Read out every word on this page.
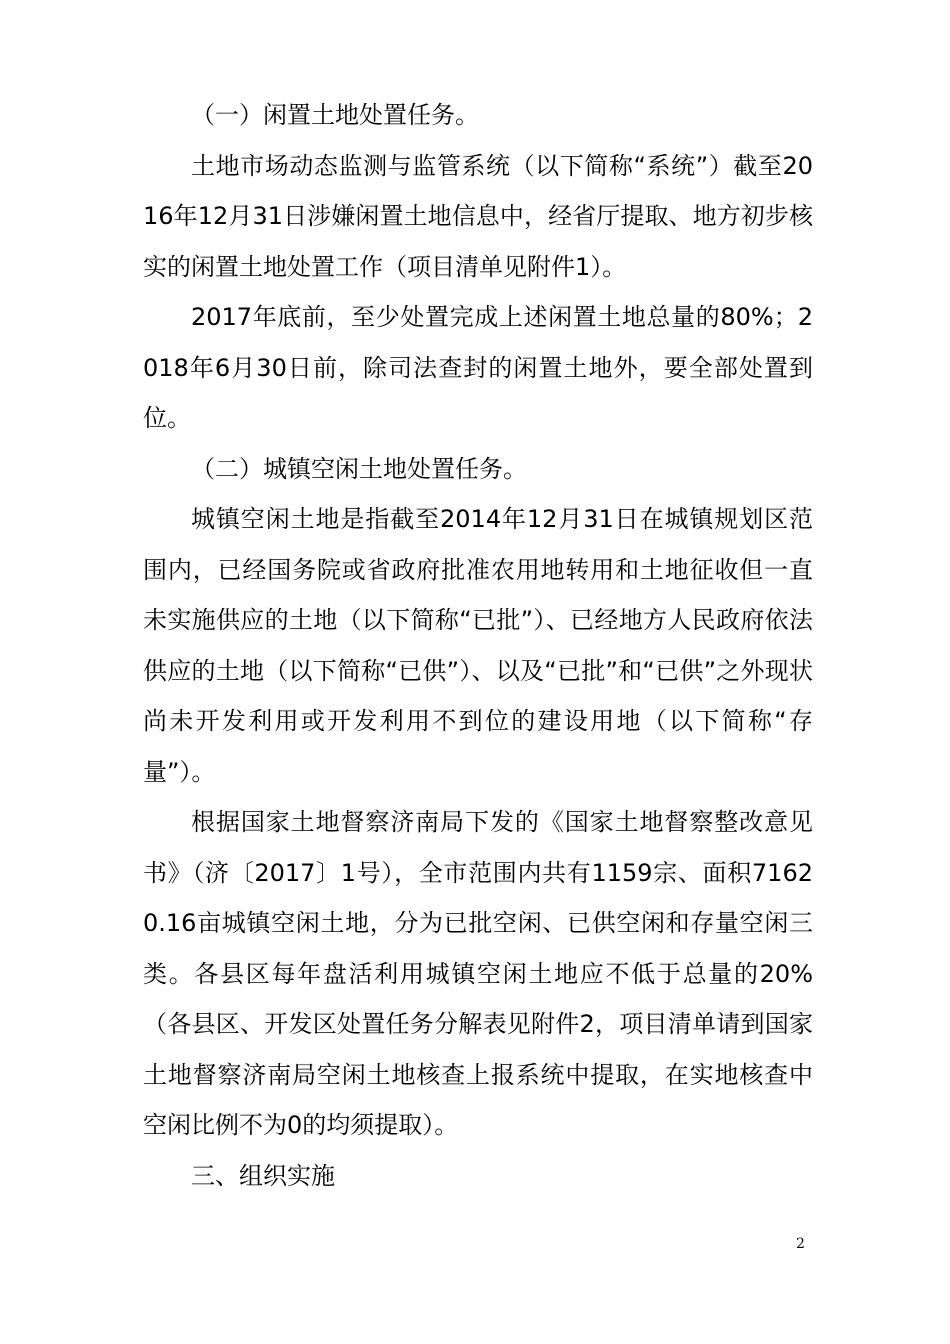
（一）闲置土地处置任务。

土地市场动态监测与监管系统（以下简称“系统”）截至2016年12月31日涉嫌闲置土地信息中，经省厅提取、地方初步核实的闲置土地处置工作（项目清单见附件1）。

2017年底前，至少处置完成上述闲置土地总量的80%；2018年6月30日前，除司法查封的闲置土地外，要全部处置到位。

（二）城镇空闲土地处置任务。

城镇空闲土地是指截至2014年12月31日在城镇规划区范围内，已经国务院或省政府批准农用地转用和土地征收但一直未实施供应的土地（以下简称“已批”）、已经地方人民政府依法供应的土地（以下简称“已供”）、以及“已批”和“已供”之外现状尚未开发利用或开发利用不到位的建设用地（以下简称“存量”）。

根据国家土地督察济南局下发的《国家土地督察整改意见书》（济〔2017〕1号），全市范围内共有1159宗、面积71620.16亩城镇空闲土地，分为已批空闲、已供空闲和存量空闲三类。各县区每年盘活利用城镇空闲土地应不低于总量的20%（各县区、开发区处置任务分解表见附件2，项目清单请到国家土地督察济南局空闲土地核查上报系统中提取，在实地核查中空闲比例不为0的均须提取）。

三、组织实施

2
